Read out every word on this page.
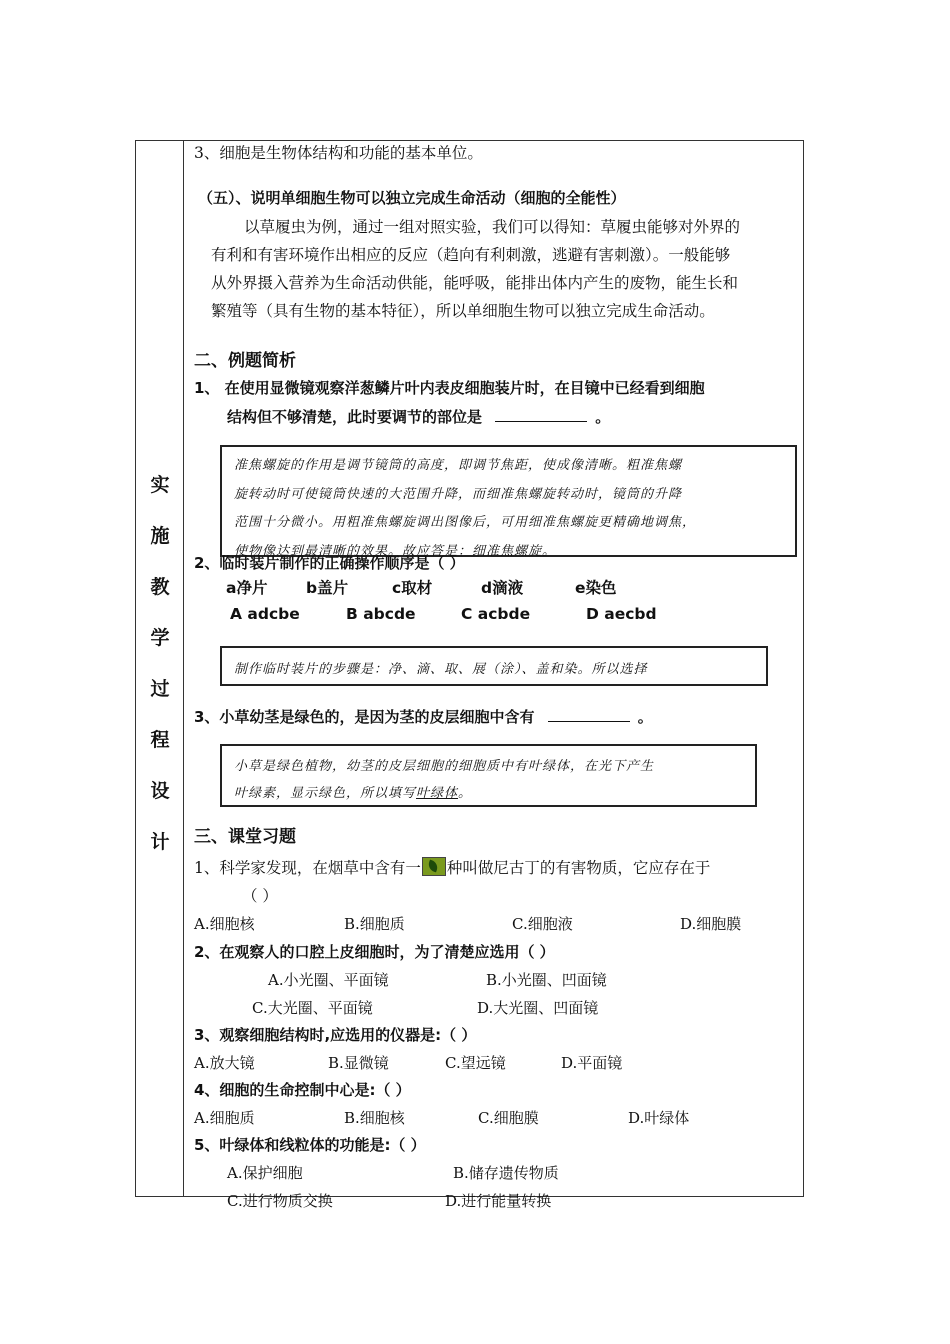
实
施
教
学
过
程
设
计
3、细胞是生物体结构和功能的基本单位。
（五）、说明单细胞生物可以独立完成生命活动（细胞的全能性）
以草履虫为例，通过一组对照实验，我们可以得知：草履虫能够对外界的
有利和有害环境作出相应的反应（趋向有利刺激，逃避有害刺激）。一般能够
从外界摄入营养为生命活动供能，能呼吸，能排出体内产生的废物，能生长和
繁殖等（具有生物的基本特征），所以单细胞生物可以独立完成生命活动。
二、例题简析
1、 在使用显微镜观察洋葱鳞片叶内表皮细胞装片时，在目镜中已经看到细胞
结构但不够清楚，此时要调节的部位是	。
准焦螺旋的作用是调节镜筒的高度，即调节焦距，使成像清晰。粗准焦螺
旋转动时可使镜筒快速的大范围升降，而细准焦螺旋转动时，镜筒的升降
范围十分微小。用粗准焦螺旋调出图像后，可用细准焦螺旋更精确地调焦，
使物像达到最清晰的效果。故应答是：细准焦螺旋。
2、临时装片制作的正确操作顺序是（ ）
a净片 b盖片	c取材	d滴液	e染色
A adcbe	B abcde	C acbde	D aecbd
制作临时装片的步骤是：净、滴、取、展（涂）、盖和染。所以选择
3、小草幼茎是绿色的，是因为茎的皮层细胞中含有	。
小草是绿色植物，幼茎的皮层细胞的细胞质中有叶绿体，在光下产生
叶绿素，显示绿色，所以填写叶绿体。
三、课堂习题
1、科学家发现，在烟草中含有一 种叫做尼古丁的有害物质，它应存在于
（ ）
A.细胞核	B.细胞质	C.细胞液	D.细胞膜
2、在观察人的口腔上皮细胞时，为了清楚应选用（ ）
A.小光圈、平面镜	B.小光圈、凹面镜
C.大光圈、平面镜	D.大光圈、凹面镜
3、观察细胞结构时,应选用的仪器是:（ ）
A.放大镜	B.显微镜	C.望远镜	D.平面镜
4、细胞的生命控制中心是:（ ）
A.细胞质	B.细胞核	C.细胞膜	D.叶绿体
5、叶绿体和线粒体的功能是:（ ）
A.保护细胞	B.储存遗传物质
C.进行物质交换	D.进行能量转换
